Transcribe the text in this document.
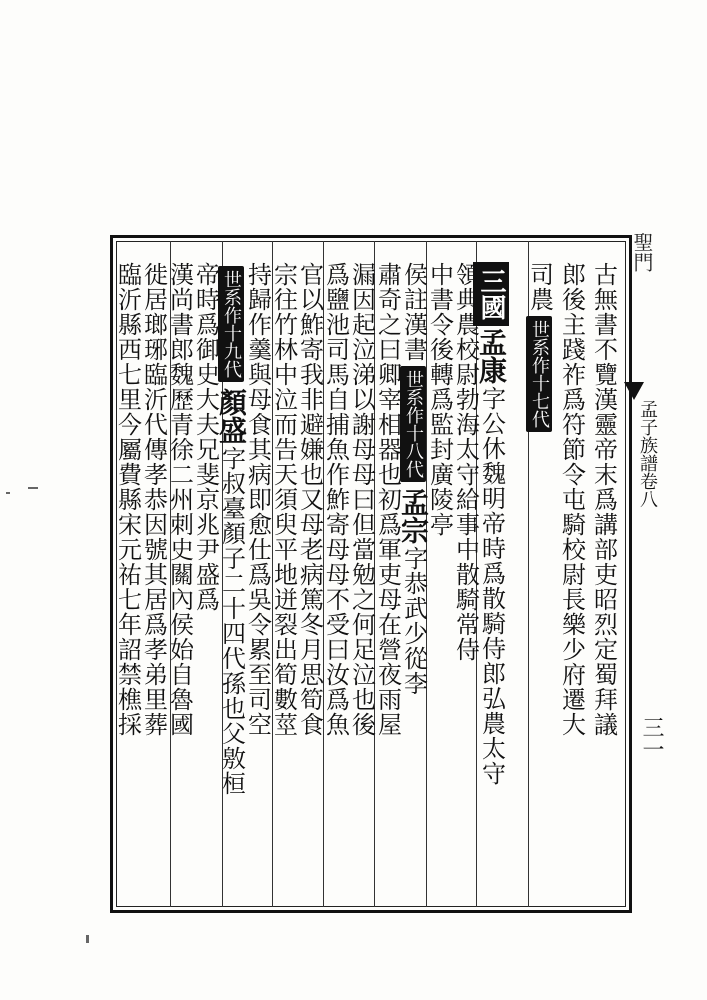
聖門
孟子族譜卷八
三一
古無書不覽漢靈帝末爲講部吏昭烈定蜀拜議
郎後主踐祚爲符節令屯騎校尉長樂少府遷大
司農
世系作十七代
三國
孟康
字公休魏明帝時爲散騎侍郎弘農太守
領典農校尉勃海太守給事中散騎常侍
中書令後轉爲監封廣陵亭
侯註漢書
世系作十八代
孟宗
字恭武少從李
肅奇之曰卿宰相器也初爲軍吏母在營夜雨屋
漏因起泣涕以謝母母曰但當勉之何足泣也後
爲鹽池司馬自捕魚作鮓寄母母不受曰汝爲魚
官以鮓寄我非避嫌也又母老病篤冬月思筍食
宗往竹林中泣而告天須臾平地迸裂出筍數莖
持歸作羹與母食其病即愈仕爲吳令累至司空
世系作十九代
顏盛
字叔臺顏子二十四代孫也父敫桓
帝時爲御史大夫兄斐京兆尹盛爲
漢尚書郎魏歷青徐二州刺史關內侯始自魯國
徙居瑯琊臨沂代傳孝恭因號其居爲孝弟里葬
臨沂縣西七里今屬費縣宋元祐七年詔禁樵採
